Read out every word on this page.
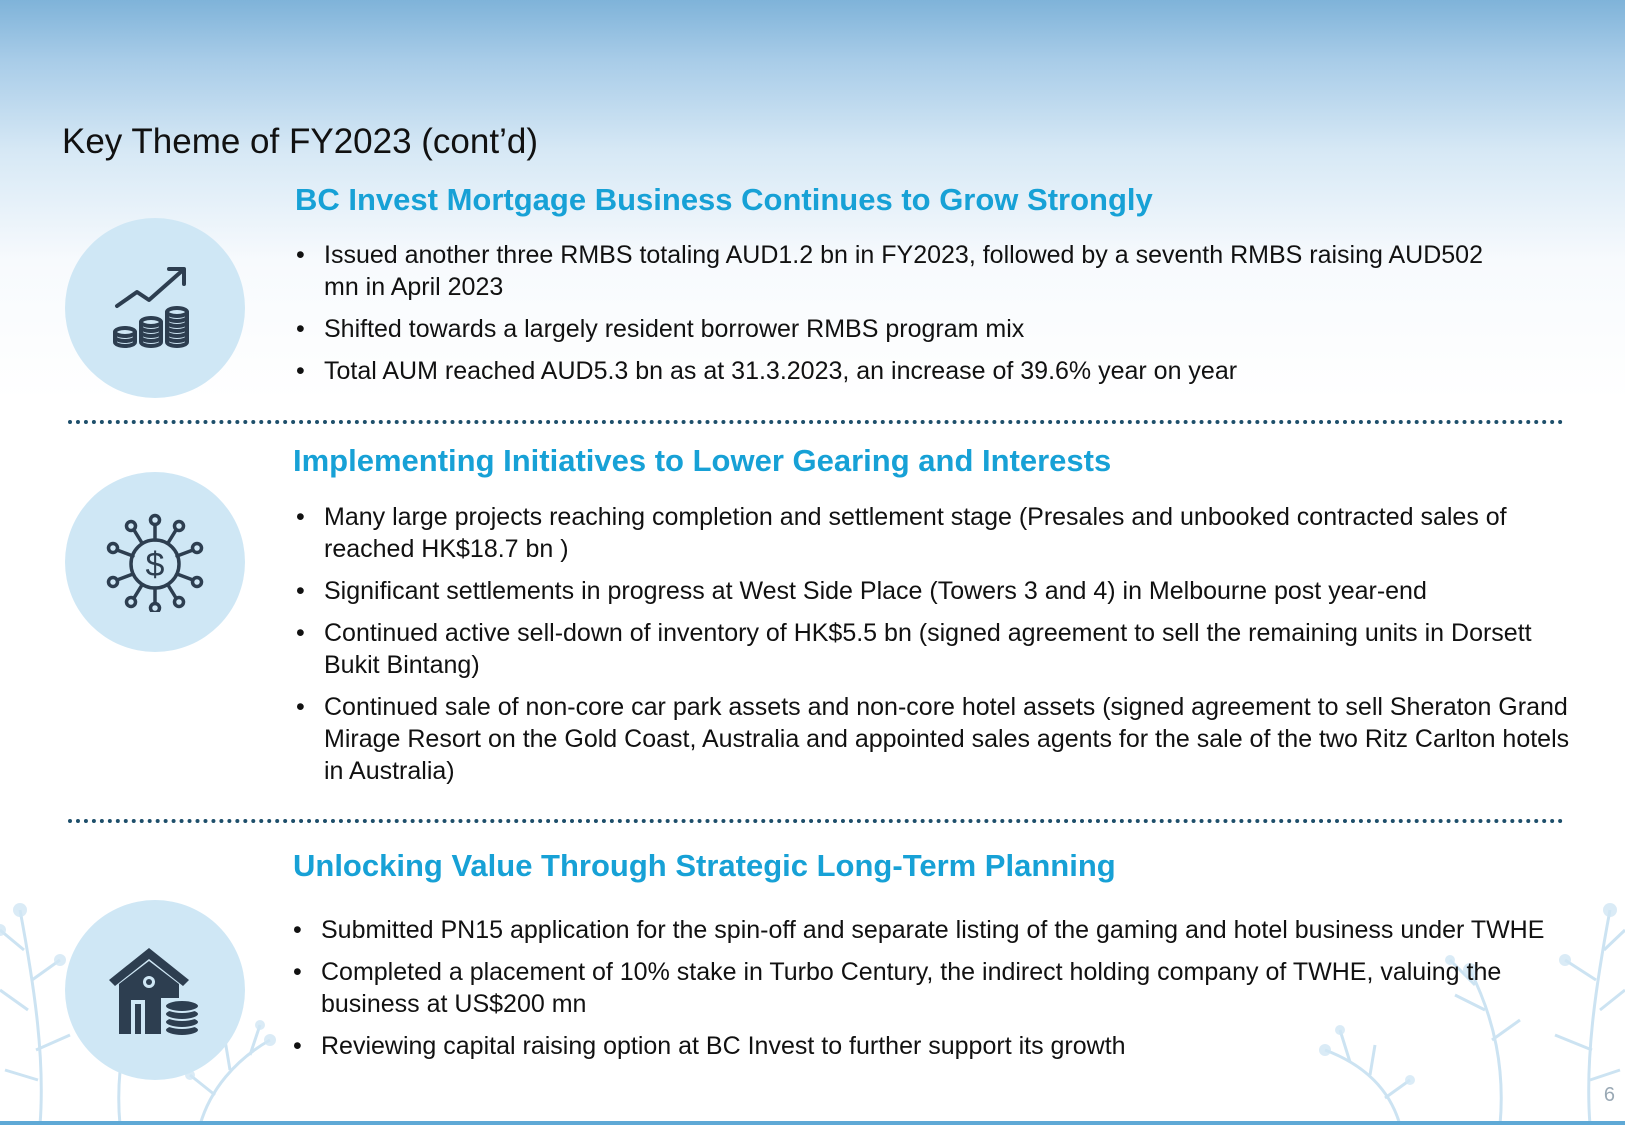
Key Theme of FY2023 (cont’d)
BC Invest Mortgage Business Continues to Grow Strongly
• Issued another three RMBS totaling AUD1.2 bn in FY2023, followed by a seventh RMBS raising AUD502 mn in April 2023
• Shifted towards a largely resident borrower RMBS program mix
• Total AUM reached AUD5.3 bn as at 31.3.2023, an increase of 39.6% year on year
Implementing Initiatives to Lower Gearing and Interests
$
• Many large projects reaching completion and settlement stage (Presales and unbooked contracted sales of reached HK$18.7 bn )
• Significant settlements in progress at West Side Place (Towers 3 and 4) in Melbourne post year-end
• Continued active sell-down of inventory of HK$5.5 bn (signed agreement to sell the remaining units in Dorsett Bukit Bintang)
• Continued sale of non-core car park assets and non-core hotel assets (signed agreement to sell Sheraton Grand Mirage Resort on the Gold Coast, Australia and appointed sales agents for the sale of the two Ritz Carlton hotels in Australia)
Unlocking Value Through Strategic Long-Term Planning
• Submitted PN15 application for the spin-off and separate listing of the gaming and hotel business under TWHE
• Completed a placement of 10% stake in Turbo Century, the indirect holding company of TWHE, valuing the business at US$200 mn
• Reviewing capital raising option at BC Invest to further support its growth
6
